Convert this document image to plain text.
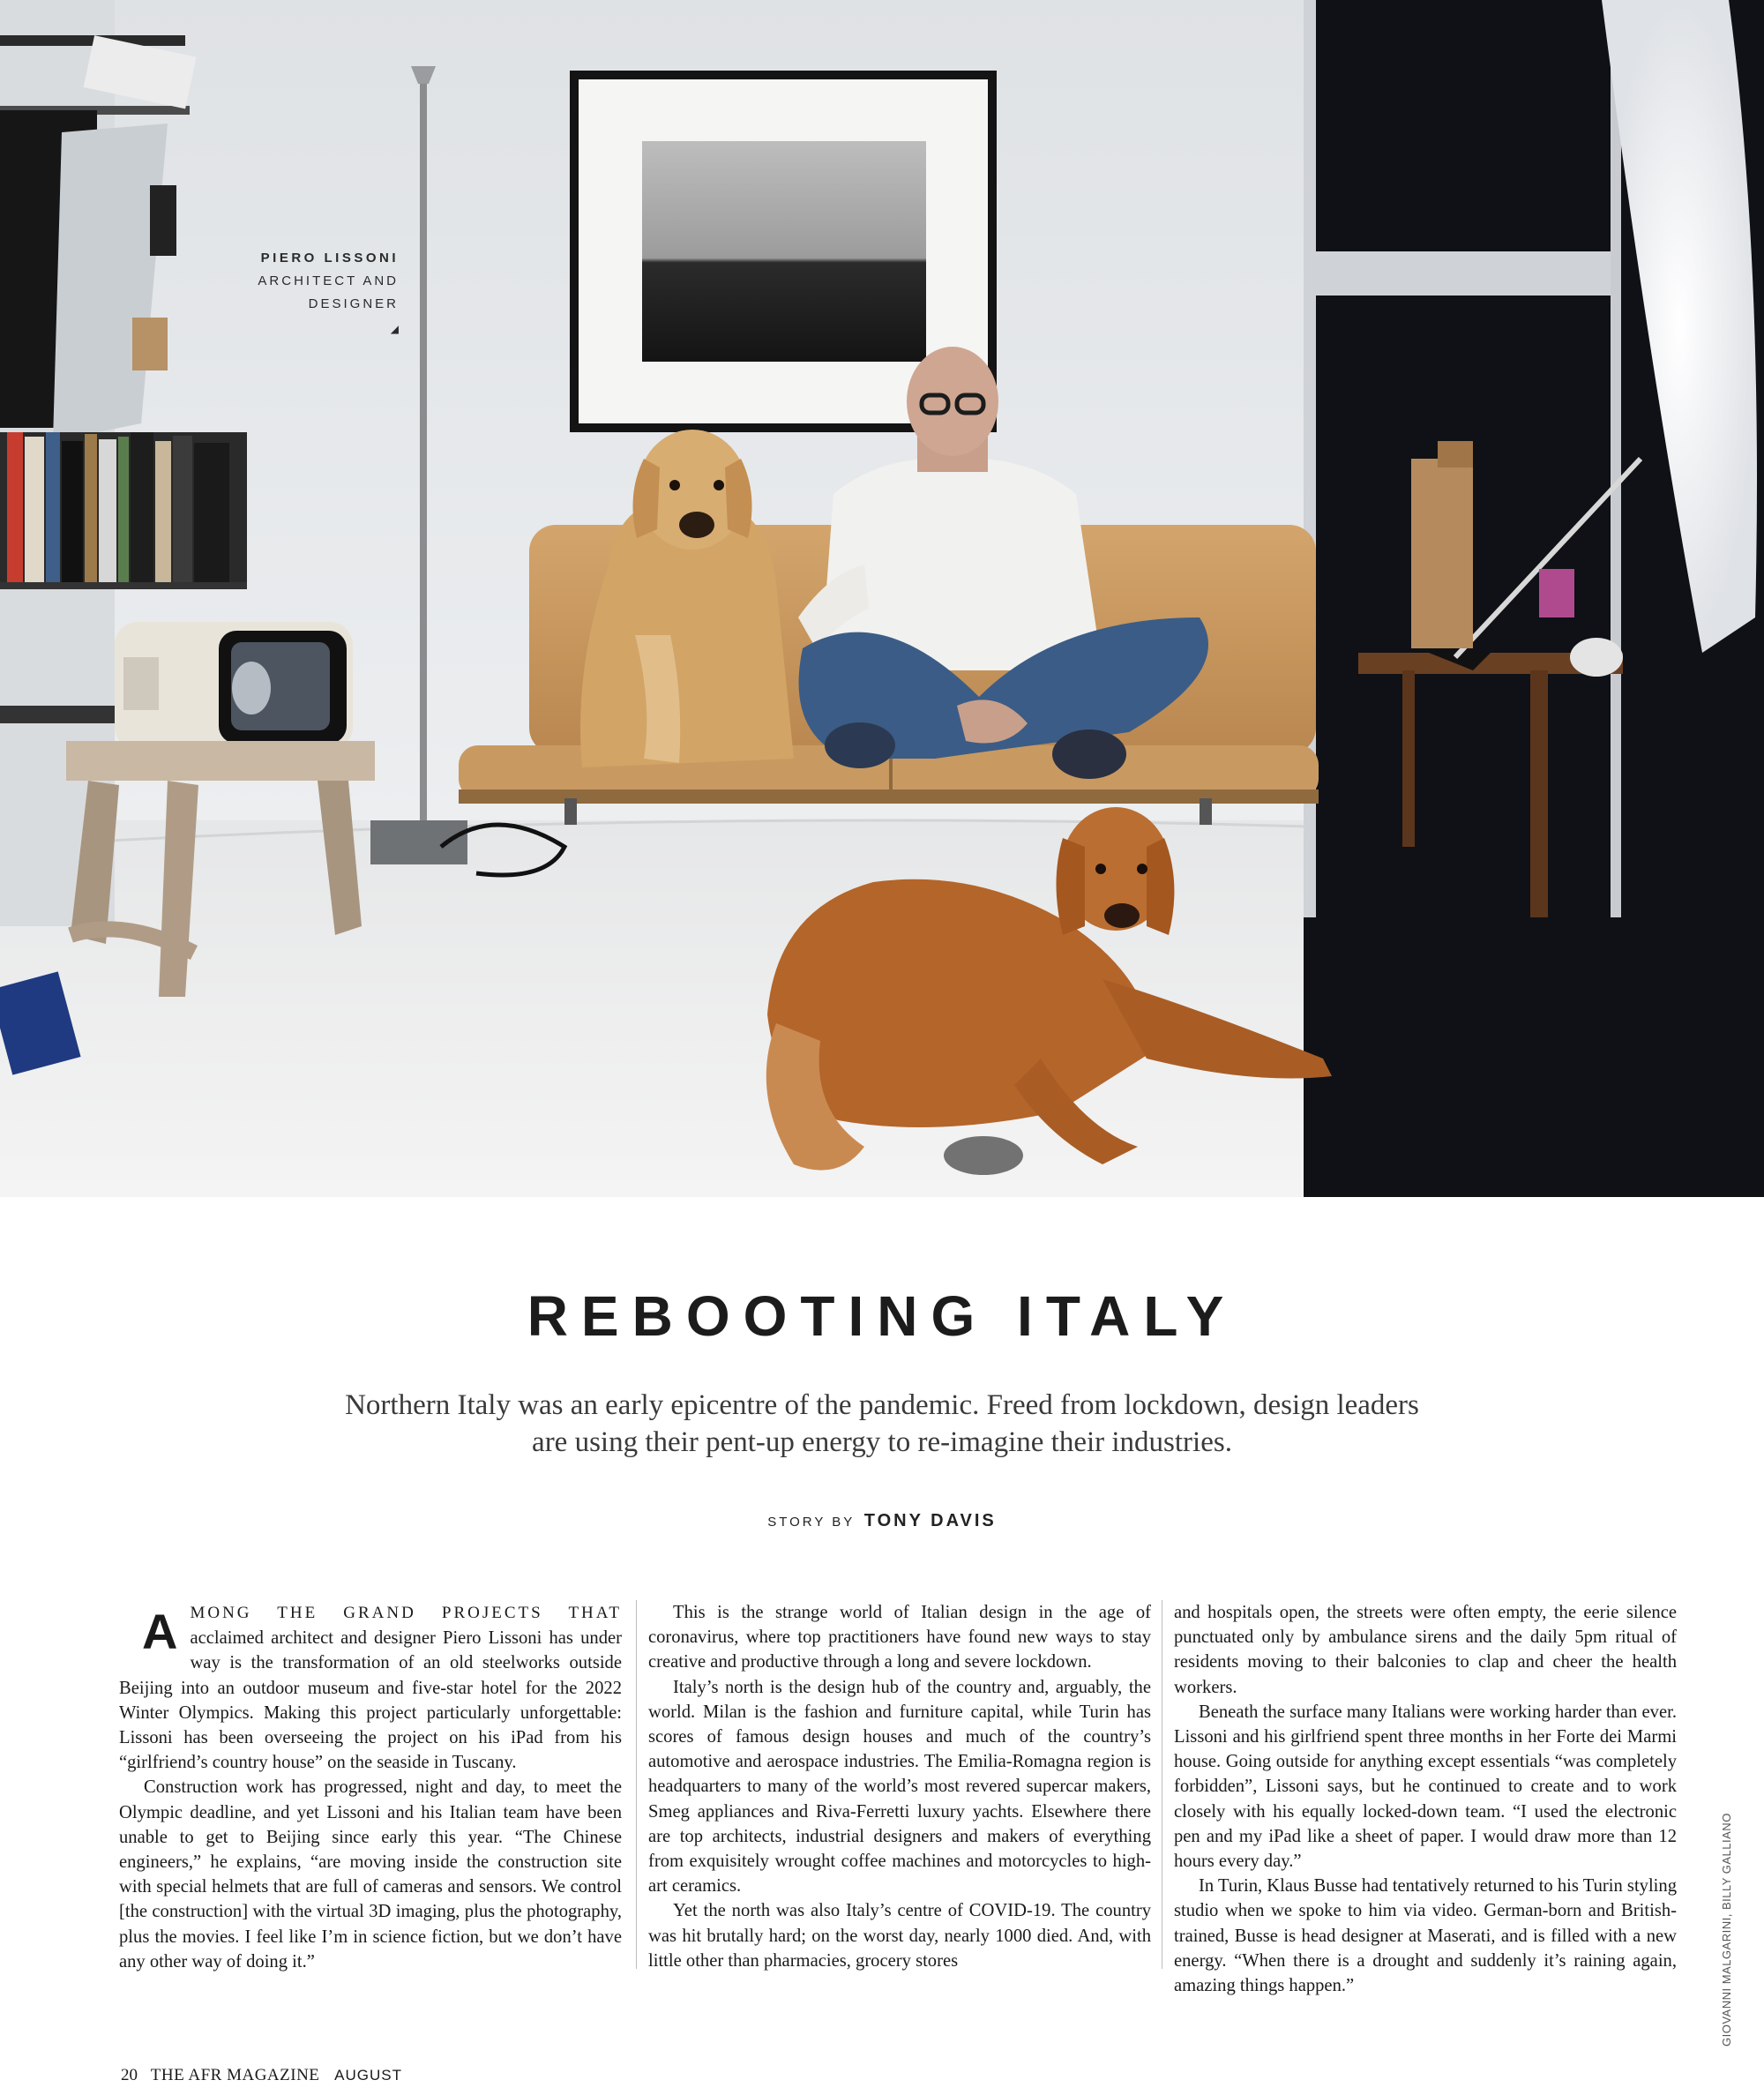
PIERO LISSONI
ARCHITECT AND
DESIGNER
◢
REBOOTING ITALY
Northern Italy was an early epicentre of the pandemic. Freed from lockdown, design leaders
are using their pent-up energy to re-imagine their industries.
STORY BY TONY DAVIS

AMONG THE GRAND PROJECTS THAT acclaimed architect and designer Piero Lissoni has under way is the transformation of an old steelworks outside Beijing into an outdoor museum and five-star hotel for the 2022 Winter Olympics. Making this project particularly unforgettable: Lissoni has been overseeing the project on his iPad from his “girlfriend’s country house” on the seaside in Tuscany.

Construction work has progressed, night and day, to meet the Olympic deadline, and yet Lissoni and his Italian team have been unable to get to Beijing since early this year. “The Chinese engineers,” he explains, “are moving inside the construction site with special helmets that are full of cameras and sensors. We control [the construction] with the virtual 3D imaging, plus the photography, plus the movies. I feel like I’m in science fiction, but we don’t have any other way of doing it.”

This is the strange world of Italian design in the age of coronavirus, where top practitioners have found new ways to stay creative and productive through a long and severe lockdown.

Italy’s north is the design hub of the country and, arguably, the world. Milan is the fashion and furniture capital, while Turin has scores of famous design houses and much of the country’s automotive and aerospace industries. The Emilia-Romagna region is headquarters to many of the world’s most revered supercar makers, Smeg appliances and Riva-Ferretti luxury yachts. Elsewhere there are top architects, industrial designers and makers of everything from exquisitely wrought coffee machines and motorcycles to high-art ceramics.

Yet the north was also Italy’s centre of COVID-19. The country was hit brutally hard; on the worst day, nearly 1000 died. And, with little other than pharmacies, grocery stores

and hospitals open, the streets were often empty, the eerie silence punctuated only by ambulance sirens and the daily 5pm ritual of residents moving to their balconies to clap and cheer the health workers.

Beneath the surface many Italians were working harder than ever. Lissoni and his girlfriend spent three months in her Forte dei Marmi house. Going outside for anything except essentials “was completely forbidden”, Lissoni says, but he continued to create and to work closely with his equally locked-down team. “I used the electronic pen and my iPad like a sheet of paper. I would draw more than 12 hours every day.”

In Turin, Klaus Busse had tentatively returned to his Turin styling studio when we spoke to him via video. German-born and British-trained, Busse is head designer at Maserati, and is filled with a new energy. “When there is a drought and suddenly it’s raining again, amazing things happen.”	GIOVANNI MALGARINI, BILLY GALLIANO
20 THE AFR MAGAZINE AUGUST
